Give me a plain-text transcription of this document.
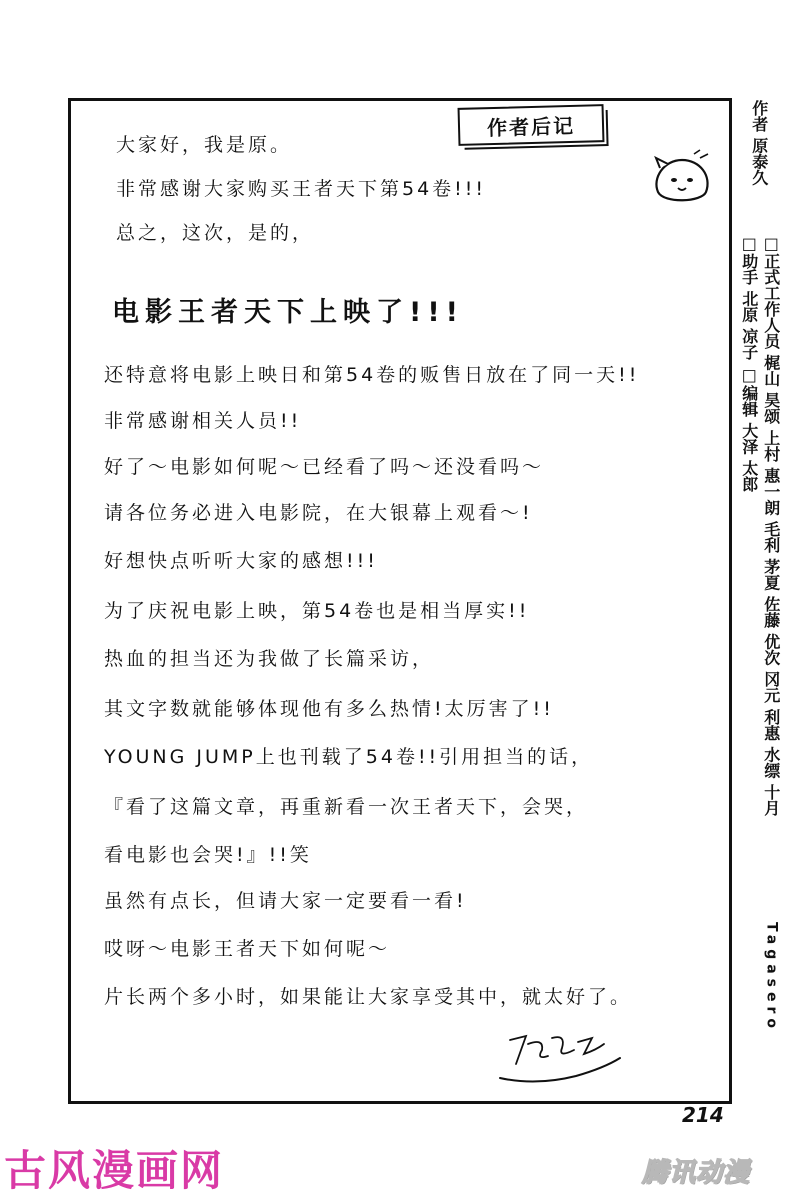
作者后记
大家好，我是原。
非常感谢大家购买王者天下第54卷!!!
总之，这次，是的，
电影王者天下上映了!!!
还特意将电影上映日和第54卷的贩售日放在了同一天!!
非常感谢相关人员!!
好了～电影如何呢～已经看了吗～还没看吗～
请各位务必进入电影院，在大银幕上观看～!
好想快点听听大家的感想!!!
为了庆祝电影上映，第54卷也是相当厚实!!
热血的担当还为我做了长篇采访，
其文字数就能够体现他有多么热情!太厉害了!!
YOUNG JUMP上也刊载了54卷!!引用担当的话，
『看了这篇文章，再重新看一次王者天下，会哭，
看电影也会哭!』!!笑
虽然有点长，但请大家一定要看一看!
哎呀～电影王者天下如何呢～
片长两个多小时，如果能让大家享受其中，就太好了。
214
作者 原泰久
□正式工作人员 梶山 昊颂 上村 惠一朗 毛利 茅夏 佐藤 优次 冈元 利惠 水缥 十月
Tagasero
□助手 北原 凉子 □编辑 大泽 太郎
古风漫画网	腾讯动漫
